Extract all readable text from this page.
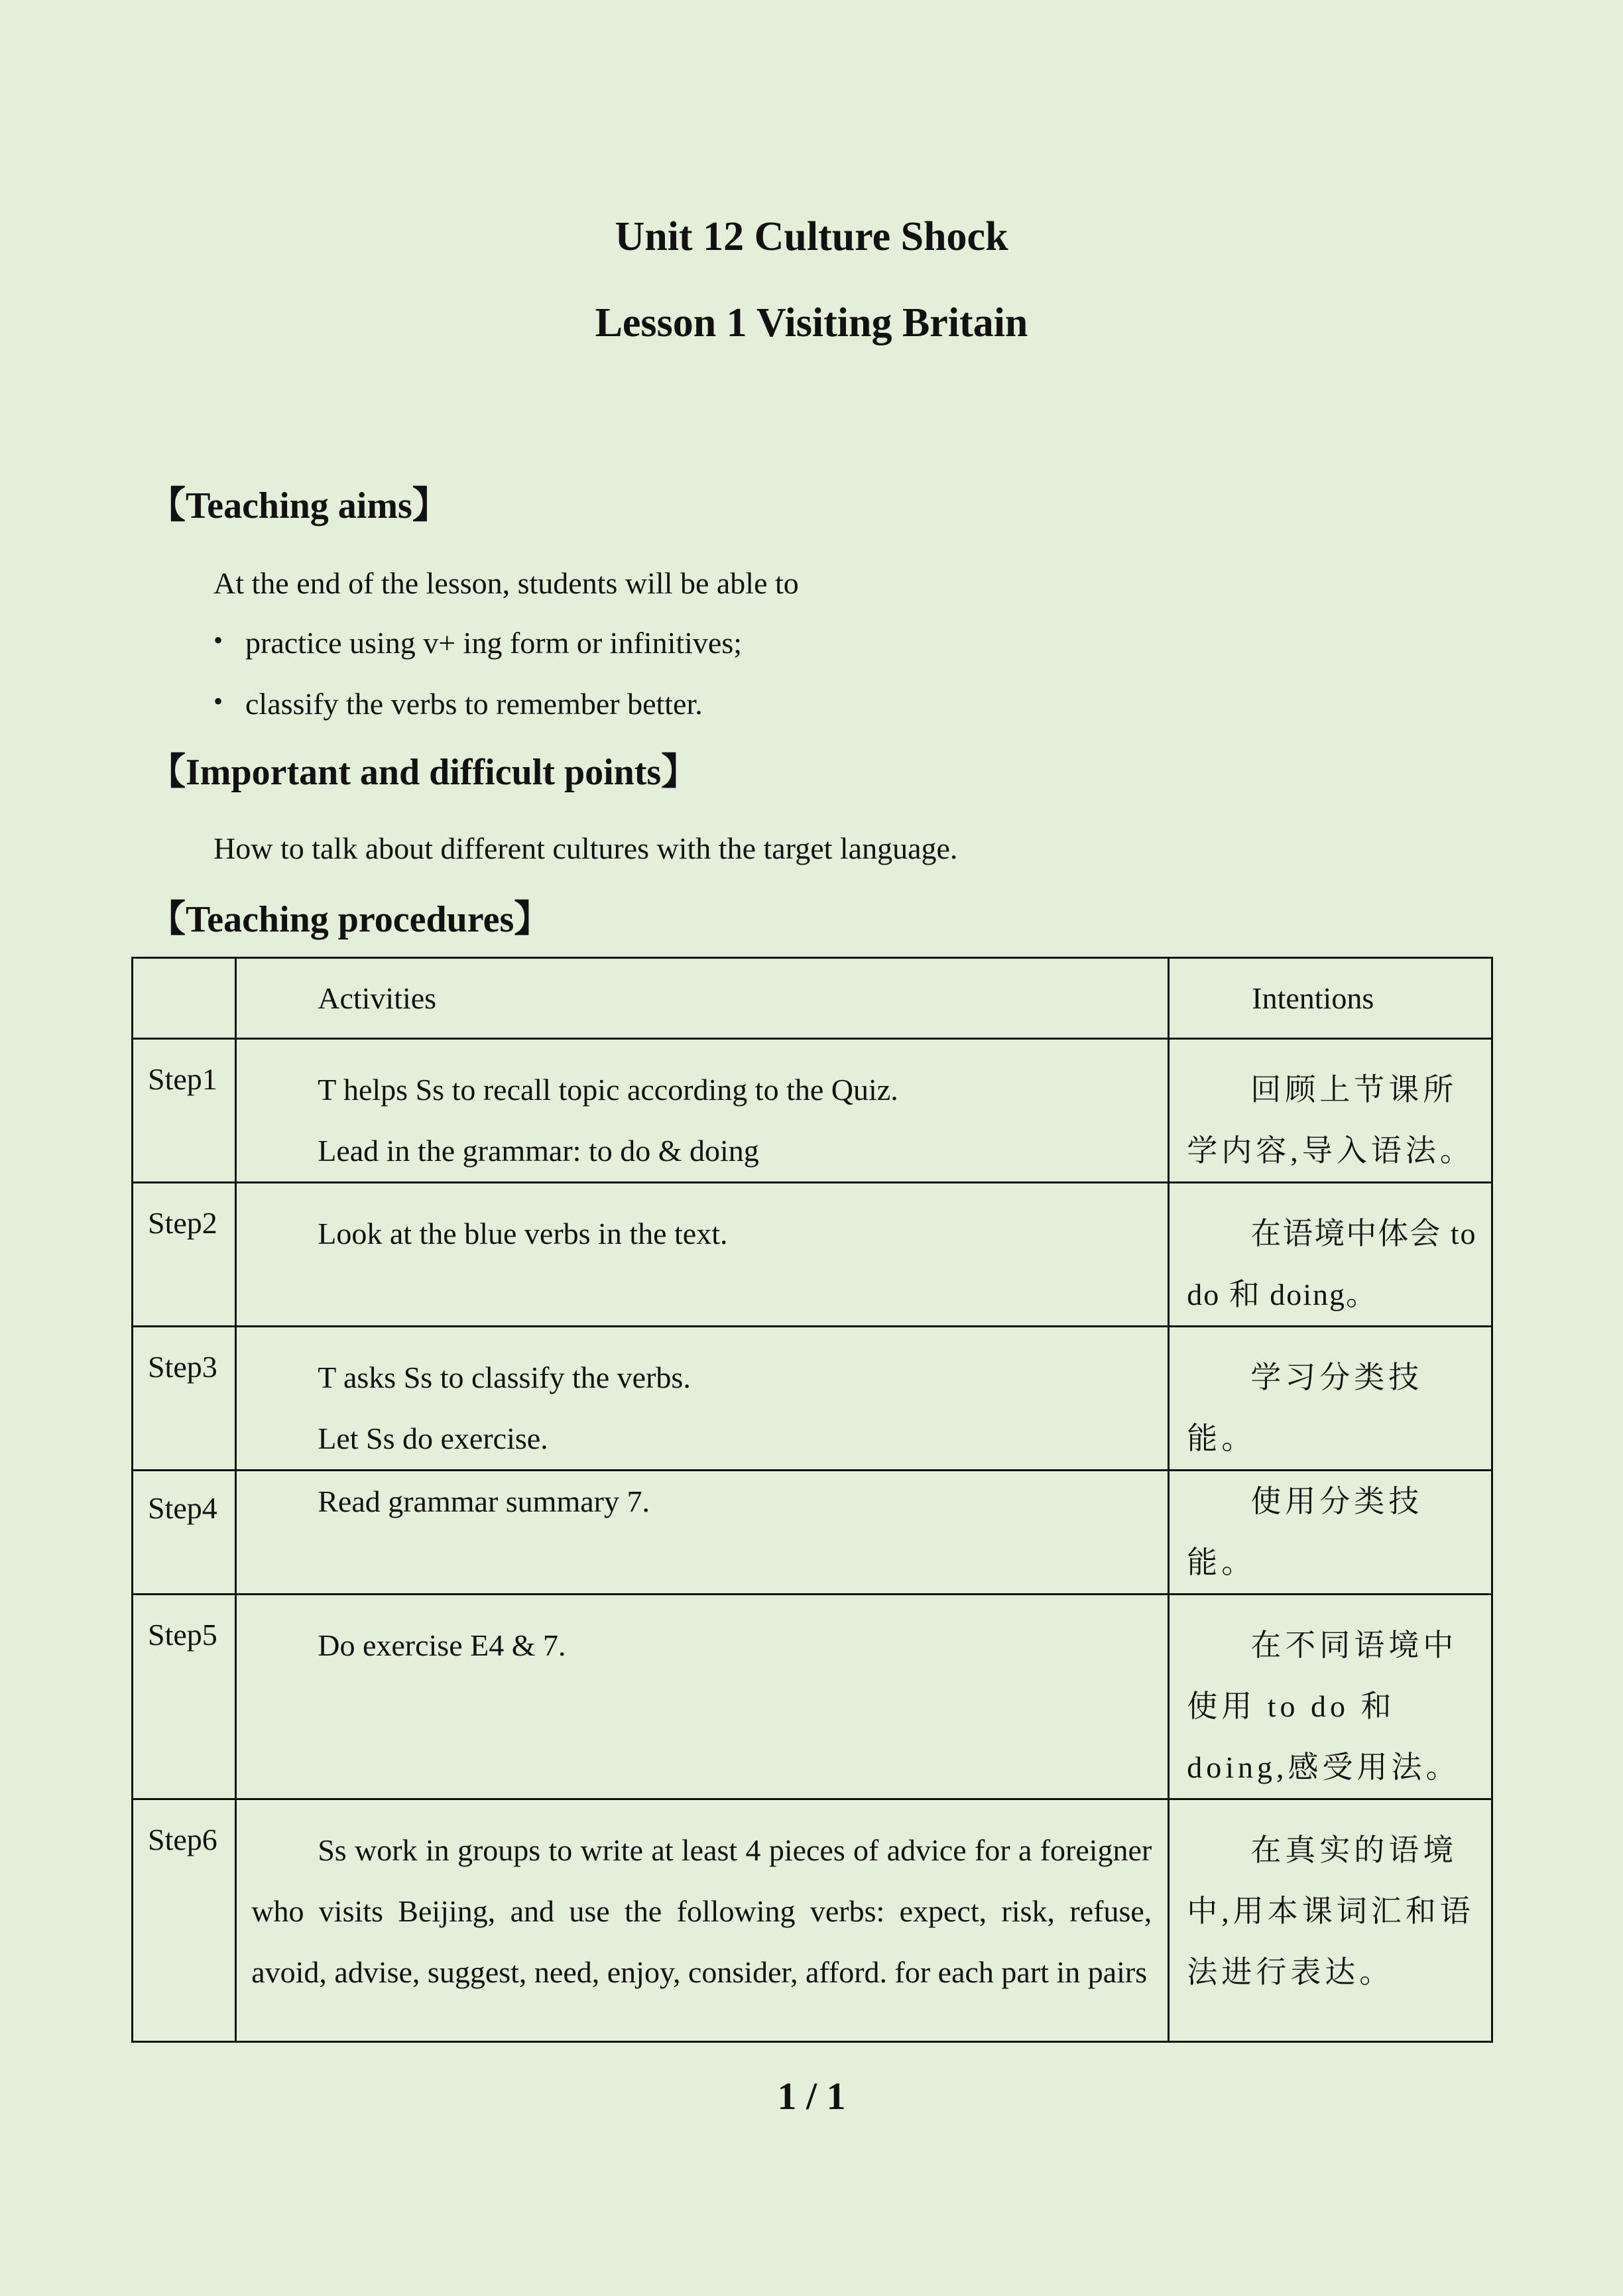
Unit 12 Culture Shock
Lesson 1 Visiting Britain
【Teaching aims】
At the end of the lesson, students will be able to
• practice using v+ ing form or infinitives;
• classify the verbs to remember better.
【Important and difficult points】
How to talk about different cultures with the target language.
【Teaching procedures】

	Activities	Intentions

Step1	T helps Ss to recall topic according to the Quiz.
Lead in the grammar: to do & doing	回顾上节课所学内容,导入语法。

Step2	Look at the blue verbs in the text.	在语境中体会 to do 和 doing。

Step3	T asks Ss to classify the verbs.
Let Ss do exercise.	学习分类技能。

Step4	Read grammar summary 7.	使用分类技能。

Step5	Do exercise E4 & 7.	在不同语境中使用 to do 和 doing,感受用法。

Step6	Ss work in groups to write at least 4 pieces of advice for a foreigner who visits Beijing, and use the following verbs: expect, risk, refuse, avoid, advise, suggest, need, enjoy, consider, afford. for each part in pairs	在真实的语境中,用本课词汇和语法进行表达。
1 / 1
